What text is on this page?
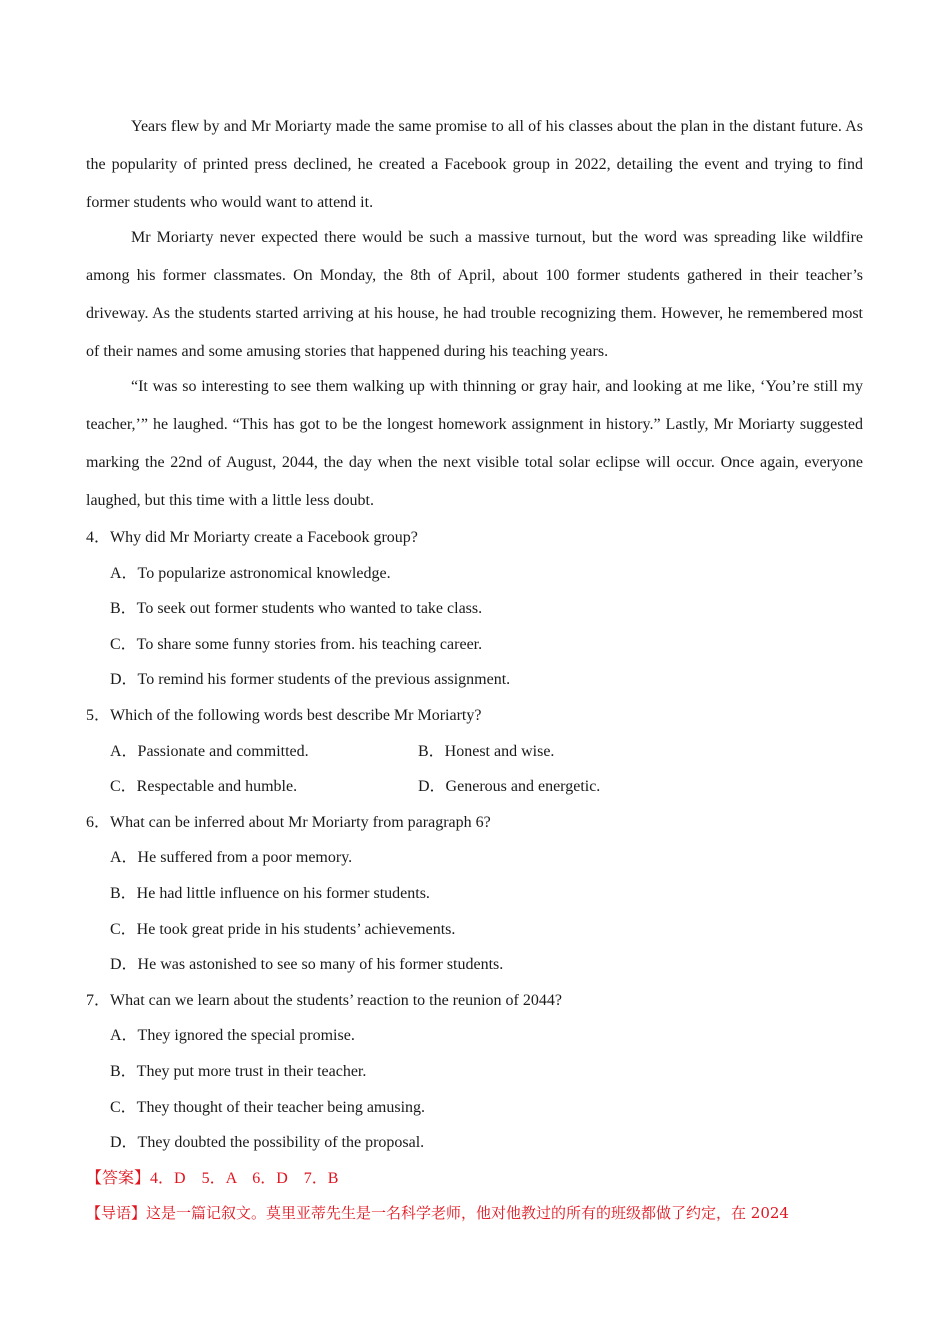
Years flew by and Mr Moriarty made the same promise to all of his classes about the plan in the distant future. As the popularity of printed press declined, he created a Facebook group in 2022, detailing the event and trying to find former students who would want to attend it.

Mr Moriarty never expected there would be such a massive turnout, but the word was spreading like wildfire among his former classmates. On Monday, the 8th of April, about 100 former students gathered in their teacher’s driveway. As the students started arriving at his house, he had trouble recognizing them. However, he remembered most of their names and some amusing stories that happened during his teaching years.

“It was so interesting to see them walking up with thinning or gray hair, and looking at me like, ‘You’re still my teacher,’” he laughed. “This has got to be the longest homework assignment in history.” Lastly, Mr Moriarty suggested marking the 22nd of August, 2044, the day when the next visible total solar eclipse will occur. Once again, everyone laughed, but this time with a little less doubt.

4．Why did Mr Moriarty create a Facebook group?

A．To popularize astronomical knowledge.

B．To seek out former students who wanted to take class.

C．To share some funny stories from. his teaching career.

D．To remind his former students of the previous assignment.

5．Which of the following words best describe Mr Moriarty?

A．Passionate and committed.	B．Honest and wise.
C．Respectable and humble.	D．Generous and energetic.

6．What can be inferred about Mr Moriarty from paragraph 6?

A．He suffered from a poor memory.

B．He had little influence on his former students.

C．He took great pride in his students’ achievements.

D．He was astonished to see so many of his former students.

7．What can we learn about the students’ reaction to the reunion of 2044?

A．They ignored the special promise.

B．They put more trust in their teacher.

C．They thought of their teacher being amusing.

D．They doubted the possibility of the proposal.

【答案】4．D　5．A　6．D　7．B

【导语】这是一篇记叙文。莫里亚蒂先生是一名科学老师，他对他教过的所有的班级都做了约定，在 2024
